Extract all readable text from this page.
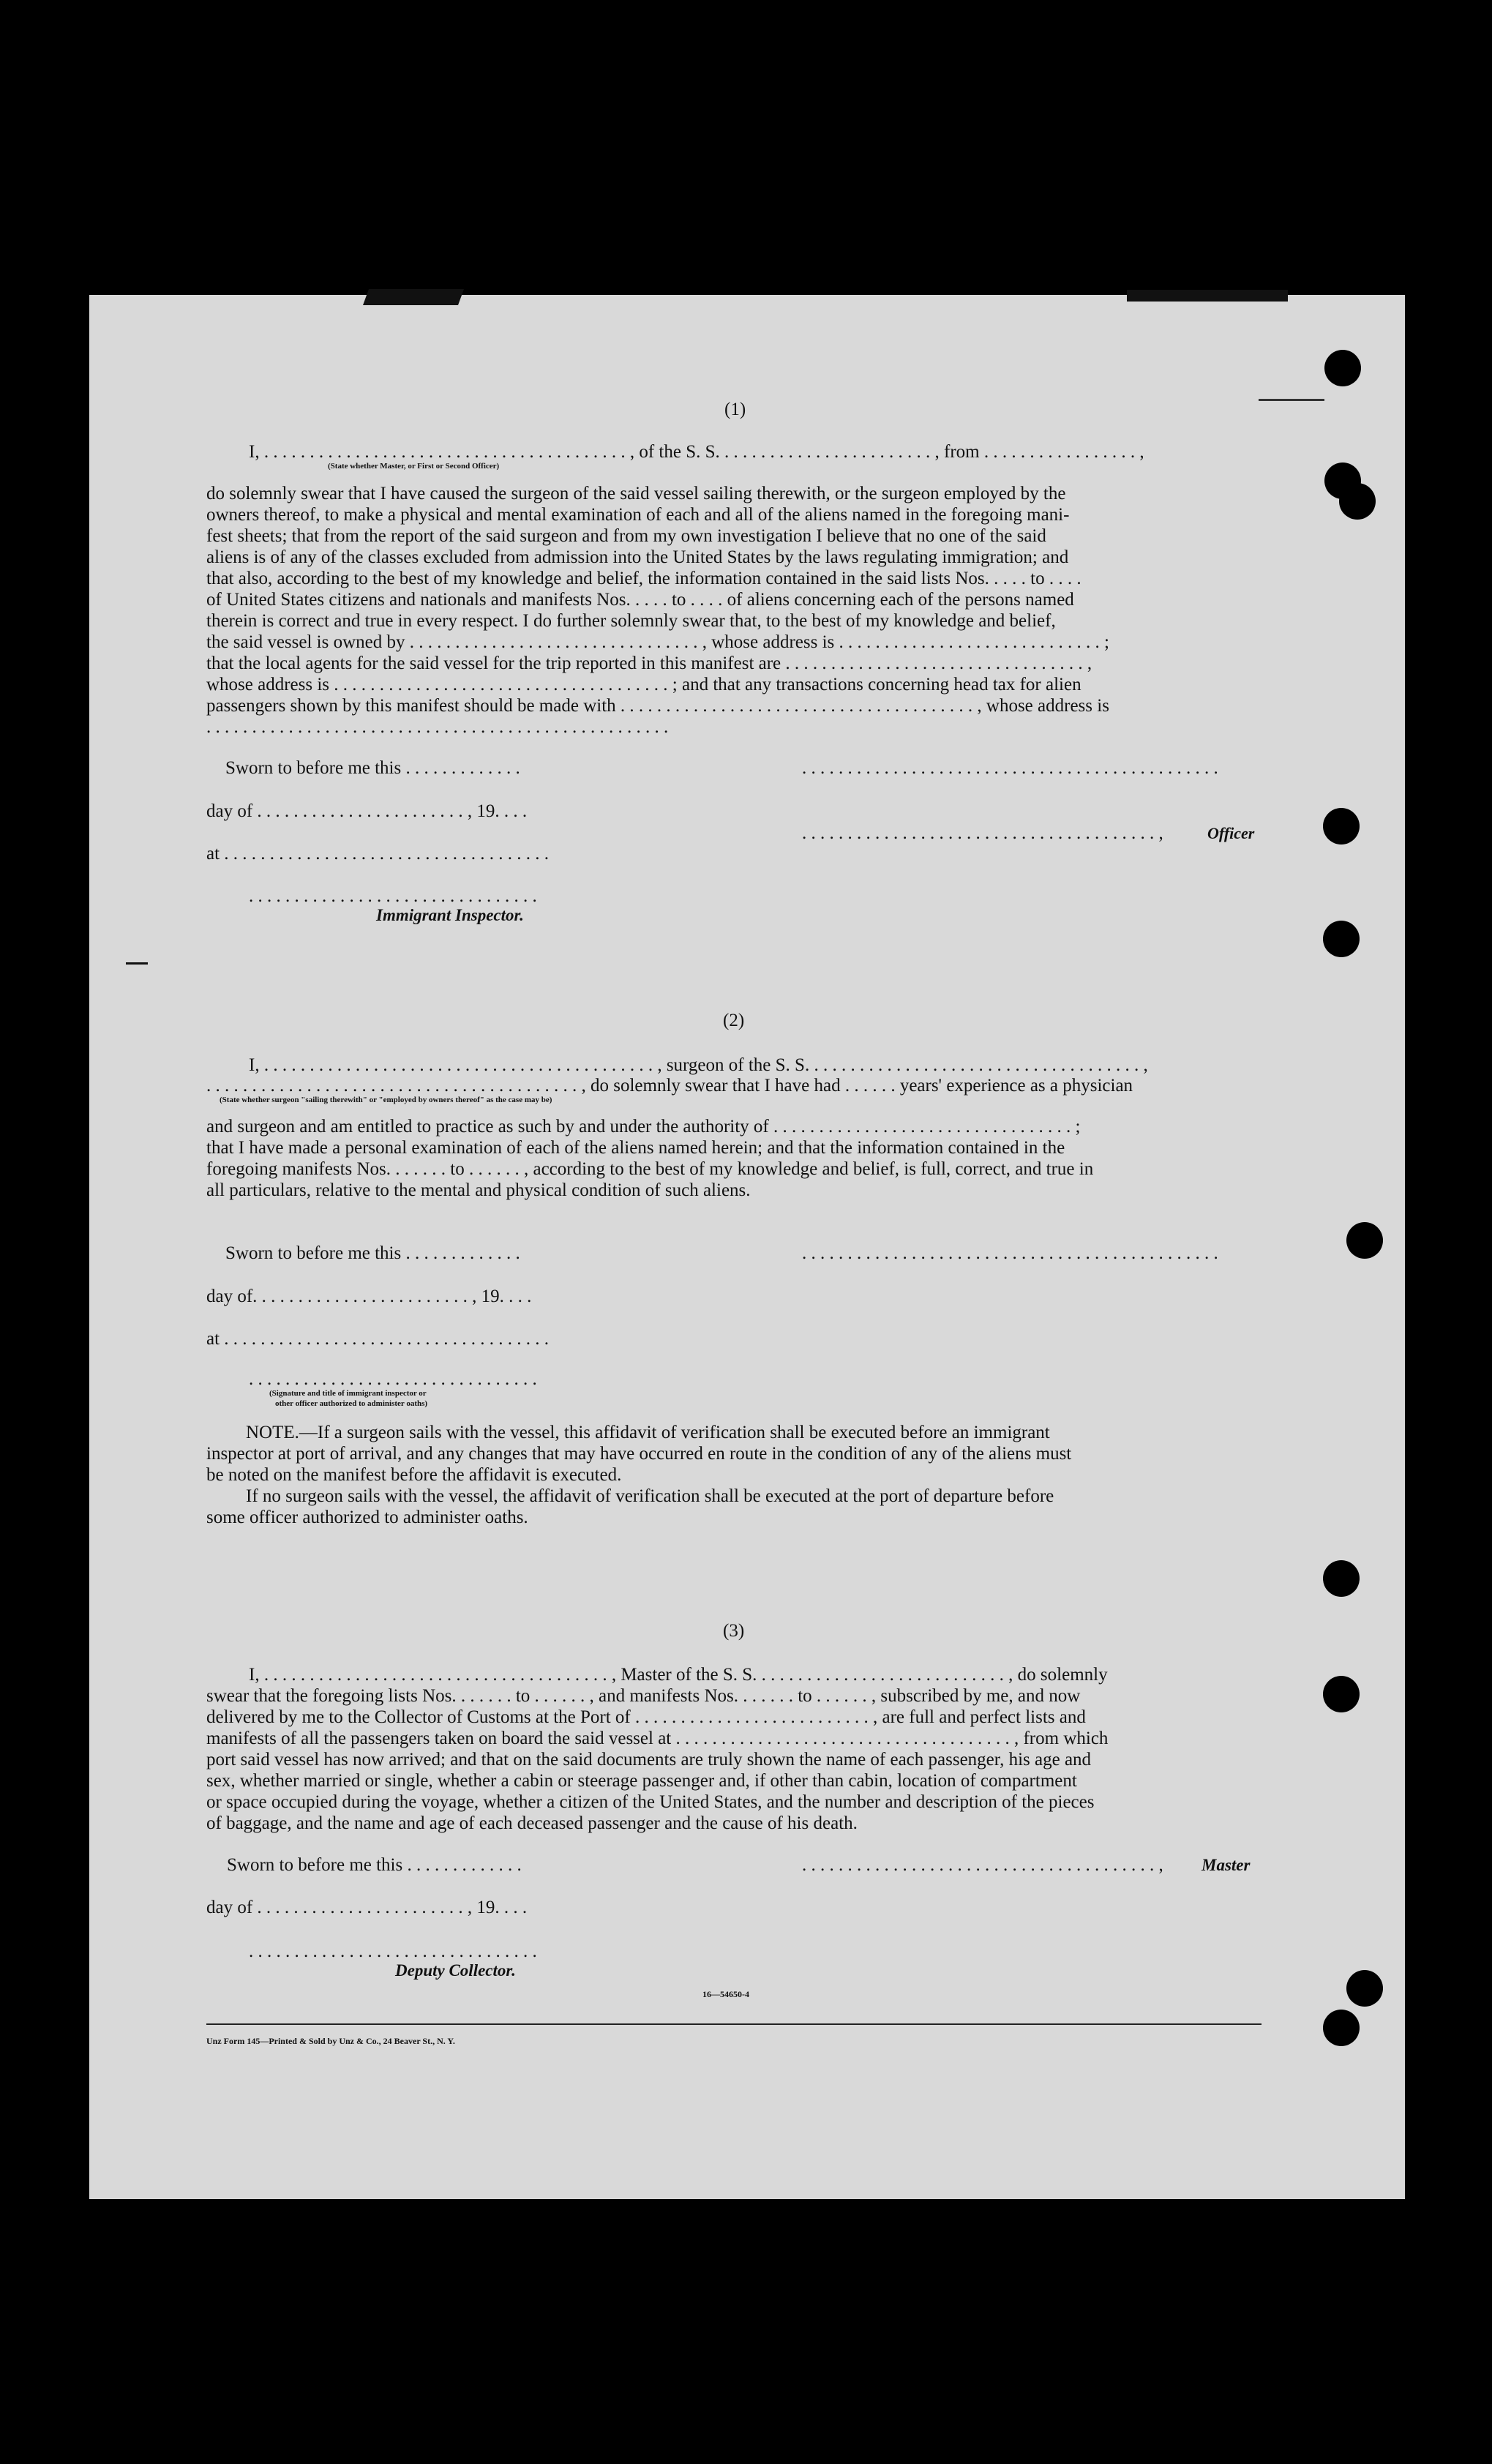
(1)
I, . . . . . . . . . . . . . . . . . . . . . . . . . . . . . . . . . . . . . . . . , of the S. S. . . . . . . . . . . . . . . . . . . . . . . . , from . . . . . . . . . . . . . . . . . ,
(State whether Master, or First or Second Officer)
do solemnly swear that I have caused the surgeon of the said vessel sailing therewith, or the surgeon employed by the
owners thereof, to make a physical and mental examination of each and all of the aliens named in the foregoing mani-
fest sheets; that from the report of the said surgeon and from my own investigation I believe that no one of the said
aliens is of any of the classes excluded from admission into the United States by the laws regulating immigration; and
that also, according to the best of my knowledge and belief, the information contained in the said lists Nos. . . . . to . . . .
of United States citizens and nationals and manifests Nos. . . . . to . . . . of aliens concerning each of the persons named
therein is correct and true in every respect. I do further solemnly swear that, to the best of my knowledge and belief,
the said vessel is owned by . . . . . . . . . . . . . . . . . . . . . . . . . . . . . . . . , whose address is . . . . . . . . . . . . . . . . . . . . . . . . . . . . . ;
that the local agents for the said vessel for the trip reported in this manifest are . . . . . . . . . . . . . . . . . . . . . . . . . . . . . . . . . ,
whose address is . . . . . . . . . . . . . . . . . . . . . . . . . . . . . . . . . . . . . ; and that any transactions concerning head tax for alien
passengers shown by this manifest should be made with . . . . . . . . . . . . . . . . . . . . . . . . . . . . . . . . . . . . . . . , whose address is
. . . . . . . . . . . . . . . . . . . . . . . . . . . . . . . . . . . . . . . . . . . . . . . . . . .
Sworn to before me this . . . . . . . . . . . . .	. . . . . . . . . . . . . . . . . . . . . . . . . . . . . . . . . . . . . . . . . . . . . .
day of . . . . . . . . . . . . . . . . . . . . . . . , 19. . . .
. . . . . . . . . . . . . . . . . . . . . . . . . . . . . . . . . . . . . . . ,	Officer
at . . . . . . . . . . . . . . . . . . . . . . . . . . . . . . . . . . . .
. . . . . . . . . . . . . . . . . . . . . . . . . . . . . . . .
Immigrant Inspector.
(2)
I, . . . . . . . . . . . . . . . . . . . . . . . . . . . . . . . . . . . . . . . . . . . , surgeon of the S. S. . . . . . . . . . . . . . . . . . . . . . . . . . . . . . . . . . . . . ,
. . . . . . . . . . . . . . . . . . . . . . . . . . . . . . . . . . . . . . . . . , do solemnly swear that I have had . . . . . . years' experience as a physician
(State whether surgeon "sailing therewith" or "employed by owners thereof" as the case may be)
and surgeon and am entitled to practice as such by and under the authority of . . . . . . . . . . . . . . . . . . . . . . . . . . . . . . . . . ;
that I have made a personal examination of each of the aliens named herein; and that the information contained in the
foregoing manifests Nos. . . . . . . to . . . . . . , according to the best of my knowledge and belief, is full, correct, and true in
all particulars, relative to the mental and physical condition of such aliens.
Sworn to before me this . . . . . . . . . . . . .	. . . . . . . . . . . . . . . . . . . . . . . . . . . . . . . . . . . . . . . . . . . . . .
day of. . . . . . . . . . . . . . . . . . . . . . . . , 19. . . .
at . . . . . . . . . . . . . . . . . . . . . . . . . . . . . . . . . . . .
. . . . . . . . . . . . . . . . . . . . . . . . . . . . . . . .
(Signature and title of immigrant inspector or
other officer authorized to administer oaths)
NOTE.—If a surgeon sails with the vessel, this affidavit of verification shall be executed before an immigrant
inspector at port of arrival, and any changes that may have occurred en route in the condition of any of the aliens must
be noted on the manifest before the affidavit is executed.
If no surgeon sails with the vessel, the affidavit of verification shall be executed at the port of departure before
some officer authorized to administer oaths.
(3)
I, . . . . . . . . . . . . . . . . . . . . . . . . . . . . . . . . . . . . . . , Master of the S. S. . . . . . . . . . . . . . . . . . . . . . . . . . . . , do solemnly
swear that the foregoing lists Nos. . . . . . . to . . . . . . , and manifests Nos. . . . . . . to . . . . . . , subscribed by me, and now
delivered by me to the Collector of Customs at the Port of . . . . . . . . . . . . . . . . . . . . . . . . . . , are full and perfect lists and
manifests of all the passengers taken on board the said vessel at . . . . . . . . . . . . . . . . . . . . . . . . . . . . . . . . . . . . . , from which
port said vessel has now arrived; and that on the said documents are truly shown the name of each passenger, his age and
sex, whether married or single, whether a cabin or steerage passenger and, if other than cabin, location of compartment
or space occupied during the voyage, whether a citizen of the United States, and the number and description of the pieces
of baggage, and the name and age of each deceased passenger and the cause of his death.
Sworn to before me this . . . . . . . . . . . . .	. . . . . . . . . . . . . . . . . . . . . . . . . . . . . . . . . . . . . . . , Master
day of . . . . . . . . . . . . . . . . . . . . . . . , 19. . . .
. . . . . . . . . . . . . . . . . . . . . . . . . . . . . . . .
Deputy Collector.
16—54650-4
Unz Form 145—Printed & Sold by Unz & Co., 24 Beaver St., N. Y.
